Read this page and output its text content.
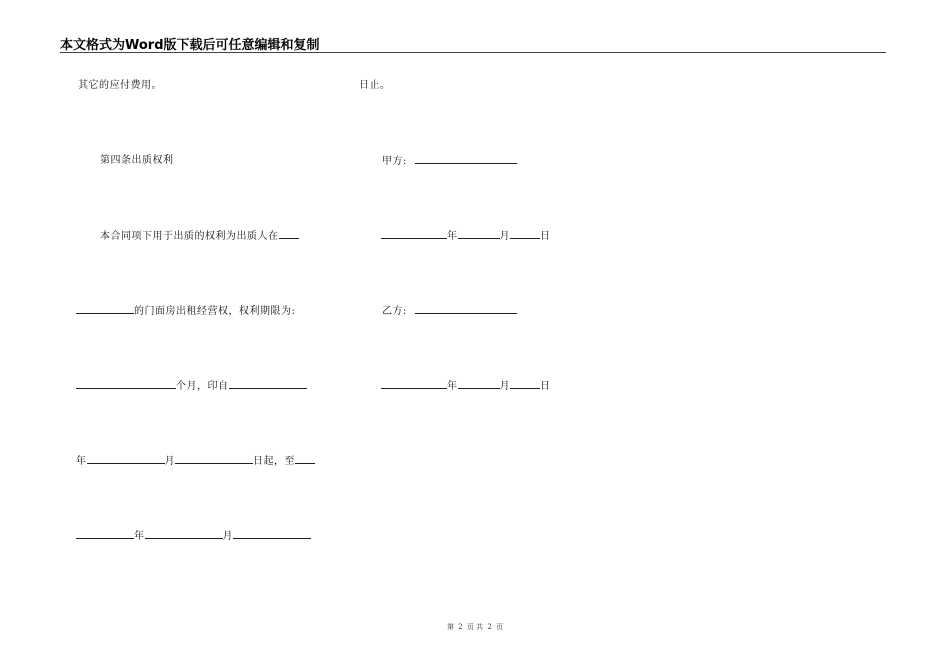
本文格式为Word版下载后可任意编辑和复制
其它的应付费用。
第四条出质权利
本合同项下用于出质的权利为出质人在
的门面房出租经营权，权利期限为:
个月，印自
年	月	日起，至
年	月
日止。
甲方:
年	月	日
乙方:
年	月	日
第 2 页 共 2 页
